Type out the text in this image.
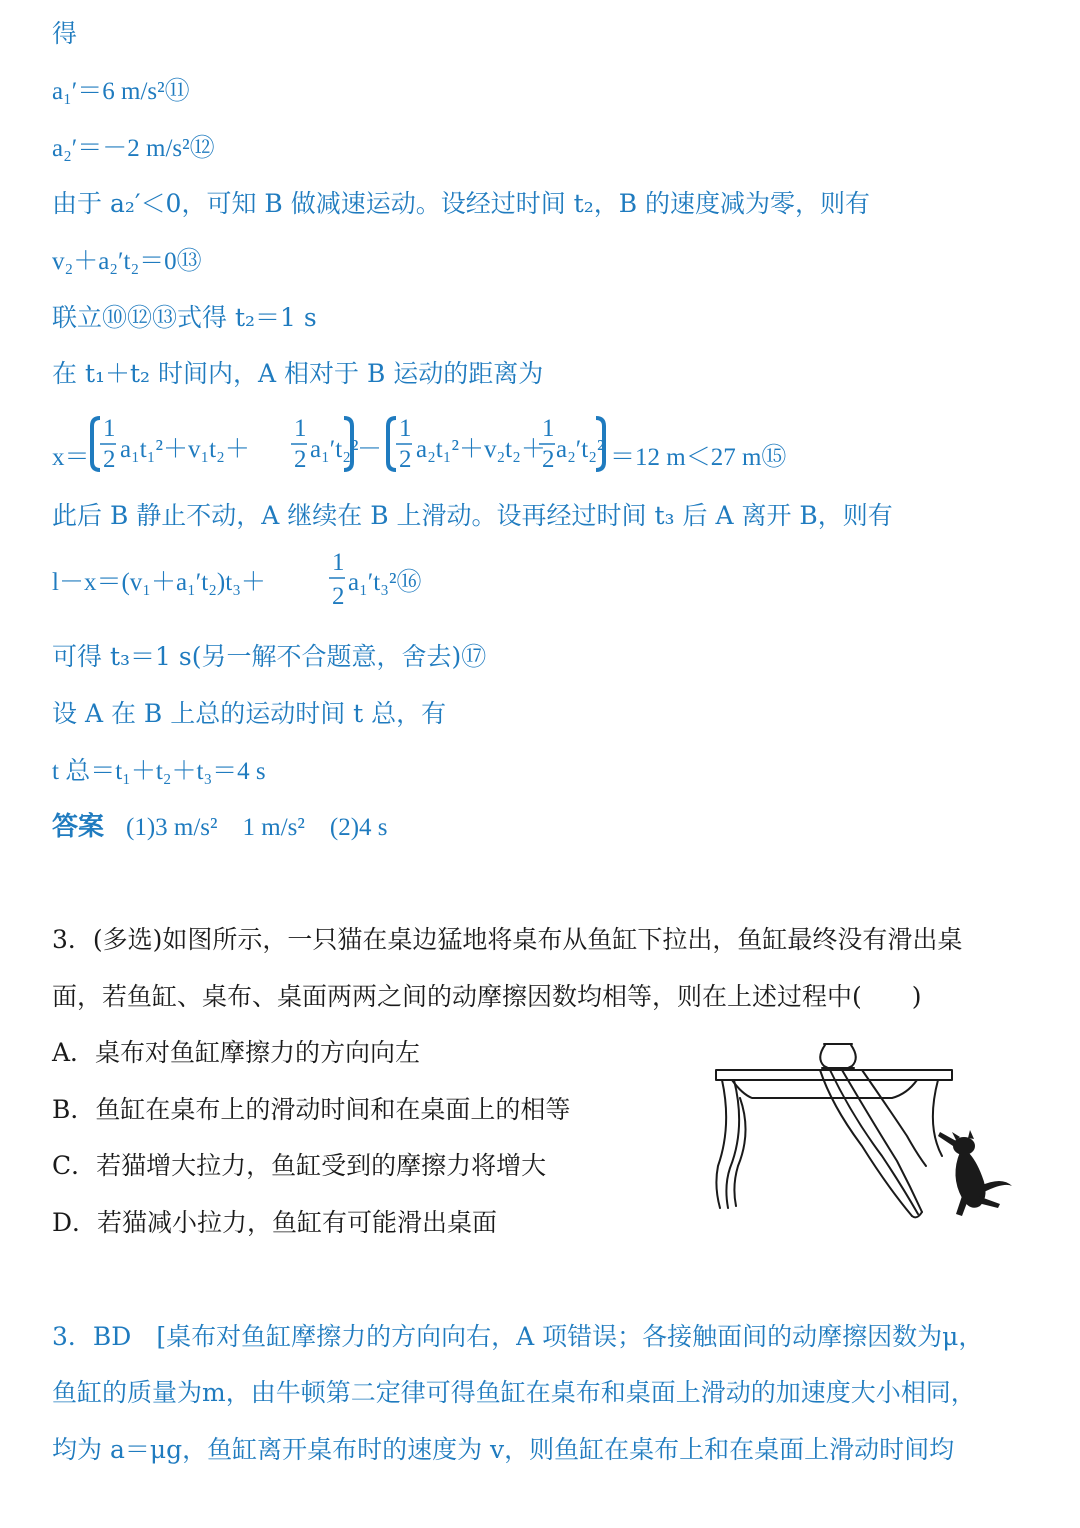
得
a₁′＝6 m/s²⑪
a₂′＝－2 m/s²⑫
由于 a₂′＜0，可知 B 做减速运动。设经过时间 t₂，B 的速度减为零，则有
v₂＋a₂′t₂＝0⑬
联立⑩⑫⑬式得 t₂＝1 s
在 t₁＋t₂ 时间内，A 相对于 B 运动的距离为
x＝
1
2 a₁t₁²＋v₁t₂＋
1
2 a₁′t₂²
－
1
2 a₂t₁²＋v₂t₂＋
1
2 a₂′t₂² ＝12 m＜27 m⑮
此后 B 静止不动，A 继续在 B 上滑动。设再经过时间 t₃ 后 A 离开 B，则有
l－x＝(v₁＋a₁′t₂)t₃＋
1
2
a₁′t₃²⑯
可得 t₃＝1 s(另一解不合题意，舍去)⑰
设 A 在 B 上总的运动时间 t 总，有
t 总＝t₁＋t₂＋t₃＝4 s
答案 (1)3 m/s²　1 m/s²　(2)4 s
3．(多选)如图所示，一只猫在桌边猛地将桌布从鱼缸下拉出，鱼缸最终没有滑出桌
面，若鱼缸、桌布、桌面两两之间的动摩擦因数均相等，则在上述过程中(　　)
A．桌布对鱼缸摩擦力的方向向左
B．鱼缸在桌布上的滑动时间和在桌面上的相等
C．若猫增大拉力，鱼缸受到的摩擦力将增大
D．若猫减小拉力，鱼缸有可能滑出桌面
3．BD　[桌布对鱼缸摩擦力的方向向右，A 项错误；各接触面间的动摩擦因数为μ，
鱼缸的质量为m，由牛顿第二定律可得鱼缸在桌布和桌面上滑动的加速度大小相同，
均为 a＝μg，鱼缸离开桌布时的速度为 v，则鱼缸在桌布上和在桌面上滑动时间均
